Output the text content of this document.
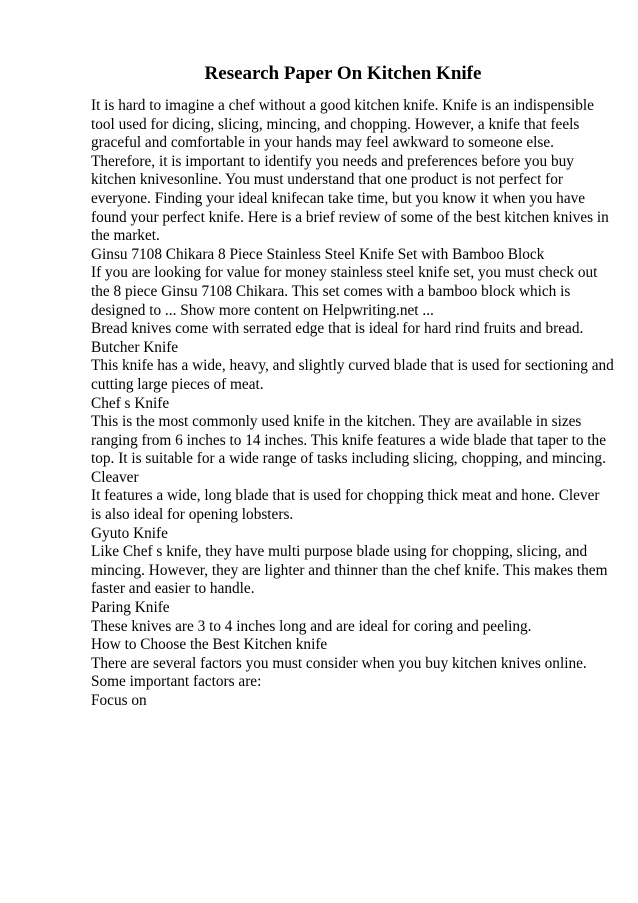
Research Paper On Kitchen Knife
It is hard to imagine a chef without a good kitchen knife. Knife is an indispensible
tool used for dicing, slicing, mincing, and chopping. However, a knife that feels
graceful and comfortable in your hands may feel awkward to someone else.
Therefore, it is important to identify you needs and preferences before you buy
kitchen knivesonline. You must understand that one product is not perfect for
everyone. Finding your ideal knifecan take time, but you know it when you have
found your perfect knife. Here is a brief review of some of the best kitchen knives in
the market.
Ginsu 7108 Chikara 8 Piece Stainless Steel Knife Set with Bamboo Block
If you are looking for value for money stainless steel knife set, you must check out
the 8 piece Ginsu 7108 Chikara. This set comes with a bamboo block which is
designed to ... Show more content on Helpwriting.net ...
Bread knives come with serrated edge that is ideal for hard rind fruits and bread.
Butcher Knife
This knife has a wide, heavy, and slightly curved blade that is used for sectioning and
cutting large pieces of meat.
Chef s Knife
This is the most commonly used knife in the kitchen. They are available in sizes
ranging from 6 inches to 14 inches. This knife features a wide blade that taper to the
top. It is suitable for a wide range of tasks including slicing, chopping, and mincing.
Cleaver
It features a wide, long blade that is used for chopping thick meat and hone. Clever
is also ideal for opening lobsters.
Gyuto Knife
Like Chef s knife, they have multi purpose blade using for chopping, slicing, and
mincing. However, they are lighter and thinner than the chef knife. This makes them
faster and easier to handle.
Paring Knife
These knives are 3 to 4 inches long and are ideal for coring and peeling.
How to Choose the Best Kitchen knife
There are several factors you must consider when you buy kitchen knives online.
Some important factors are:
Focus on
